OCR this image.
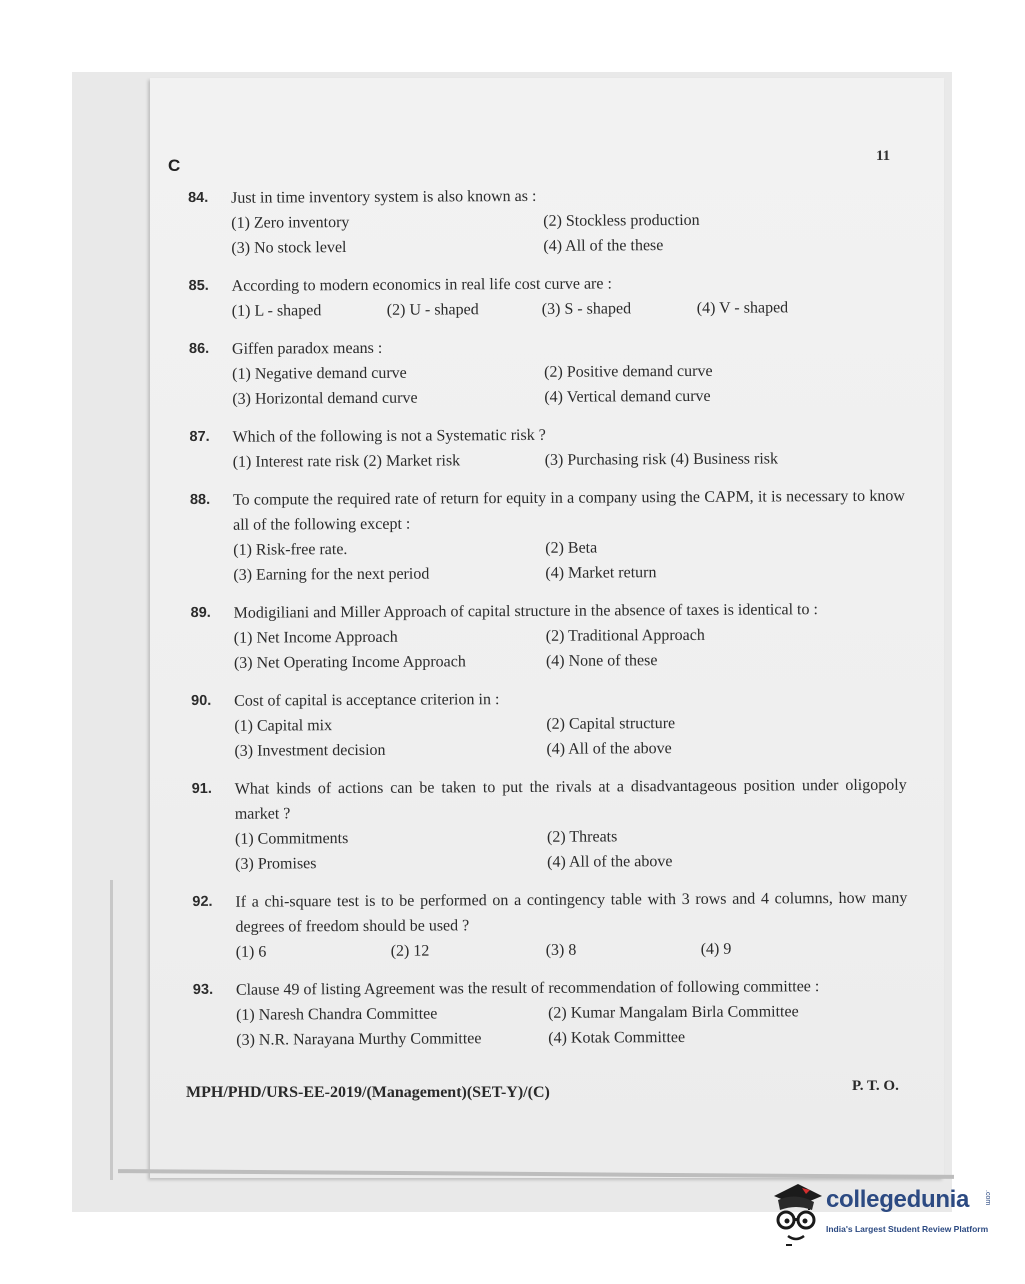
C	11
84. Just in time inventory system is also known as :
(1) Zero inventory	(2) Stockless production
(3) No stock level	(4) All of the these
85. According to modern economics in real life cost curve are :
(1) L - shaped	(2) U - shaped	(3) S - shaped	(4) V - shaped
86. Giffen paradox means :
(1) Negative demand curve	(2) Positive demand curve
(3) Horizontal demand curve	(4) Vertical demand curve
87. Which of the following is not a Systematic risk ?
(1) Interest rate risk (2) Market risk	(3) Purchasing risk (4) Business risk
88. To compute the required rate of return for equity in a company using the CAPM, it is necessary to know all of the following except :
(1) Risk-free rate.	(2) Beta
(3) Earning for the next period	(4) Market return
89. Modigiliani and Miller Approach of capital structure in the absence of taxes is identical to :
(1) Net Income Approach	(2) Traditional Approach
(3) Net Operating Income Approach	(4) None of these
90. Cost of capital is acceptance criterion in :
(1) Capital mix	(2) Capital structure
(3) Investment decision	(4) All of the above
91. What kinds of actions can be taken to put the rivals at a disadvantageous position under oligopoly market ?
(1) Commitments	(2) Threats
(3) Promises	(4) All of the above
92. If a chi-square test is to be performed on a contingency table with 3 rows and 4 columns, how many degrees of freedom should be used ?
(1) 6	(2) 12	(3) 8	(4) 9
93. Clause 49 of listing Agreement was the result of recommendation of following committee :
(1) Naresh Chandra Committee	(2) Kumar Mangalam Birla Committee
(3) N.R. Narayana Murthy Committee	(4) Kotak Committee
MPH/PHD/URS-EE-2019/(Management)(SET-Y)/(C)	P. T. O.
collegedunia .com
India's Largest Student Review Platform
